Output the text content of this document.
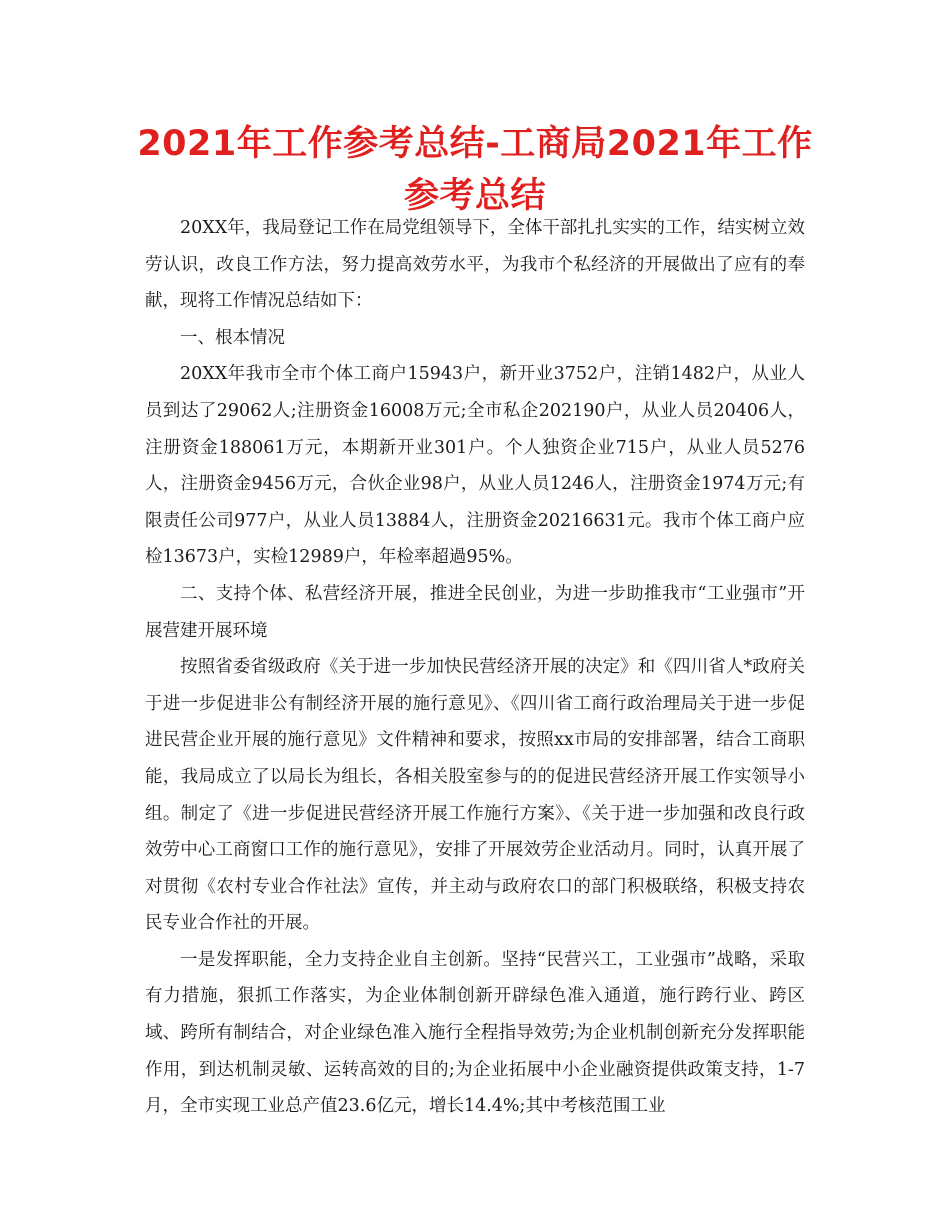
2021年工作参考总结-工商局2021年工作参考总结

20XX年，我局登记工作在局党组领导下，全体干部扎扎实实的工作，结实树立效劳认识，改良工作方法，努力提高效劳水平，为我市个私经济的开展做出了应有的奉献，现将工作情况总结如下：

一、根本情况

20XX年我市全市个体工商户15943户，新开业3752户，注销1482户，从业人员到达了29062人;注册资金16008万元;全市私企202190户，从业人员20406人，注册资金188061万元，本期新开业301户。个人独资企业715户，从业人员5276人，注册资金9456万元，合伙企业98户，从业人员1246人，注册资金1974万元;有限责任公司977户，从业人员13884人，注册资金20216631元。我市个体工商户应检13673户，实检12989户，年检率超過95%。

二、支持个体、私营经济开展，推进全民创业，为进一步助推我市“工业强市”开展营建开展环境

按照省委省级政府《关于进一步加快民营经济开展的决定》和《四川省人*政府关于进一步促进非公有制经济开展的施行意见》、《四川省工商行政治理局关于进一步促进民营企业开展的施行意见》文件精神和要求，按照xx市局的安排部署，结合工商职能，我局成立了以局长为组长，各相关股室参与的的促进民营经济开展工作实领导小组。制定了《进一步促进民营经济开展工作施行方案》、《关于进一步加强和改良行政效劳中心工商窗口工作的施行意见》，安排了开展效劳企业活动月。同时，认真开展了对贯彻《农村专业合作社法》宣传，并主动与政府农口的部门积极联络，积极支持农民专业合作社的开展。

一是发挥职能，全力支持企业自主创新。坚持“民营兴工，工业强市”战略，采取有力措施，狠抓工作落实，为企业体制创新开辟绿色准入通道，施行跨行业、跨区域、跨所有制结合，对企业绿色准入施行全程指导效劳;为企业机制创新充分发挥职能作用，到达机制灵敏、运转高效的目的;为企业拓展中小企业融资提供政策支持，1-7月，全市实现工业总产值23.6亿元，增长14.4%;其中考核范围工业
